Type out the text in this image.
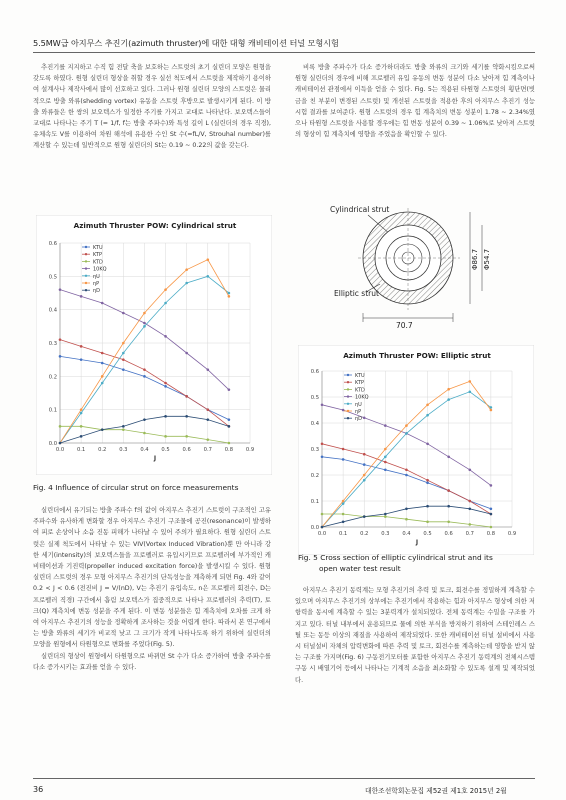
5.5MW급 아지무스 추진기(azimuth thruster)에 대한 대형 캐비테이션 터널 모형시험

추진기를 지지하고 수직 힘 전달 축을 보호하는 스트럿의 초기 실린더 모양은 원형을 갖도록 하였다. 원형 실린더 형상을 취할 경우 실선 척도에서 스트럿을 제작하기 용이하여 설계사나 제작사에서 많이 선호하고 있다. 그러나 원형 실린더 모양의 스트럿은 물리적으로 방출 와류(shedding vortex) 유동을 스트럿 후방으로 발생시키게 된다. 이 방출 와류들은 한 쌍의 보오텍스가 일정한 주기를 가지고 교대로 나타난다. 보오텍스들이 교대로 나타나는 주기 T (= 1/f, f는 방출 주파수)와 특성 길이 L (실린더의 경우 직경), 유체속도 V를 이용하여 차원 해석에 유용한 수인 St 수(=fL/V, Strouhal number)를 계산할 수 있는데 일반적으로 원형 실린더의 St는 0.19 ~ 0.22의 값을 갖는다.

Azimuth Thruster POW: Cylindrical strut
0.0
0.1
0.2
0.3
0.4
0.5
0.6
0.0 0.1 0.2 0.3 0.4 0.5 0.6 0.7 0.8 0.9
J
KTU
KTP
KTD
10KQ
ηU
ηP
ηD
Fig. 4 Influence of circular strut on force measurements

실린더에서 유기되는 방출 주파수 f의 값이 아지무스 추진기 스트럿이 구조적인 고유 주파수와 유사하게 변화할 경우 아지무스 추진기 구조물에 공진(resonance)이 발생하여 피로 손상이나 소음 진동 피해가 나타날 수 있어 주의가 필요하다. 원형 실린더 스트럿은 실제 척도에서 나타날 수 있는 VIV(Vortex Induced Vibration)뿐 만 아니라 강한 세기(intensity)의 보오텍스들을 프로펠러로 유입시키므로 프로펠러에 부가적인 캐비테이션과 기진력(propeller induced excitation force)을 발생시킬 수 있다. 원형 실린더 스트럿의 경우 모형 아지무스 추진기의 단독성능을 계측하게 되면 Fig. 4와 같이 0.2 < J < 0.6 (전진비 J = V/(nD), V는 추진기 유입속도, n은 프로펠러 회전수, D는 프로펠러 직경) 구간에서 흡림 보오텍스가 집중적으로 나타나 프로펠러의 추력(T), 토크(Q) 계측치에 변동 성분을 주게 된다. 이 변동 성분들은 힘 계측치에 오차를 크게 하여 아지무스 추진기의 성능을 정확하게 조사하는 것을 어렵게 한다. 따라서 본 연구에서는 방출 와류의 세기가 비교적 낮고 그 크기가 작게 나타나도록 하기 위하여 실린더의 모양을 원형에서 타원형으로 변화를 주었다(Fig. 5).

실린더의 형상이 원형에서 타원형으로 바뀌면 St 수가 다소 증가하여 방출 주파수를 다소 증가시키는 효과를 얻을 수 있다.

비록 방출 주파수가 다소 증가하더라도 방출 와류의 크기와 세기를 약화시킴으로써 원형 실린더의 경우에 비해 프로펠러 유입 유동의 변동 성분이 다소 낮아져 힘 계측이나 캐비테이션 관점에서 이득을 얻을 수 있다. Fig. 5는 적용된 타원형 스트럿의 횡단면(빗금을 친 부분이 변경된 스트럿) 및 개선된 스트럿을 적용한 후의 아지무스 추진기 성능 시험 결과를 보여준다. 원형 스트럿의 경우 힘 계측치의 변동 성분이 1.78 ~ 2.34%였으나 타원형 스트럿을 사용할 경우에는 힘 변동 성분이 0.39 ~ 1.06%로 낮아져 스트럿의 형상이 힘 계측치에 영향을 주었음을 확인할 수 있다.

Cylindrical strut
Elliptic strut
70.7
Φ86.7 Φ54.7
Azimuth Thruster POW: Elliptic strut
0.0
0.1
0.2
0.3
0.4
0.5
0.6
0.0 0.1 0.2 0.3 0.4 0.5 0.6 0.7 0.8 0.9
J
KTU
KTP
KTD
10KQ
ηU
ηP
ηD
Fig. 5 Cross section of elliptic cylindrical strut and its
open water test result

아지무스 추진기 동력계는 모형 추진기의 추력 및 토크, 회전수를 정밀하게 계측할 수 있으며 아지무스 추진기의 상부에는 추진기에서 작용하는 힘과 아지무스 형상에 의한 저항력을 동시에 계측할 수 있는 3분력계가 설치되었다. 전체 동력계는 수밀을 구조를 가지고 있다. 터널 내부에서 운용되므로 물에 의한 부식을 방지하기 위하여 스테인레스 스틸 또는 동등 이상의 재질을 사용하여 제작되었다. 또한 캐비테이션 터널 설비에서 사용 시 터널설비 자체의 압력변화에 따른 추력 및 토크, 회전수를 계측하는데 영향을 받지 않는 구조를 가지며(Fig. 6) 구동전기모터를 포함한 아지무스 추진기 동력계의 전체시스템 구동 시 배열기어 등에서 나타나는 기계적 소음을 최소화할 수 있도록 설계 및 제작되었다.

36	대한조선학회논문집 제52권 제1호 2015년 2월
